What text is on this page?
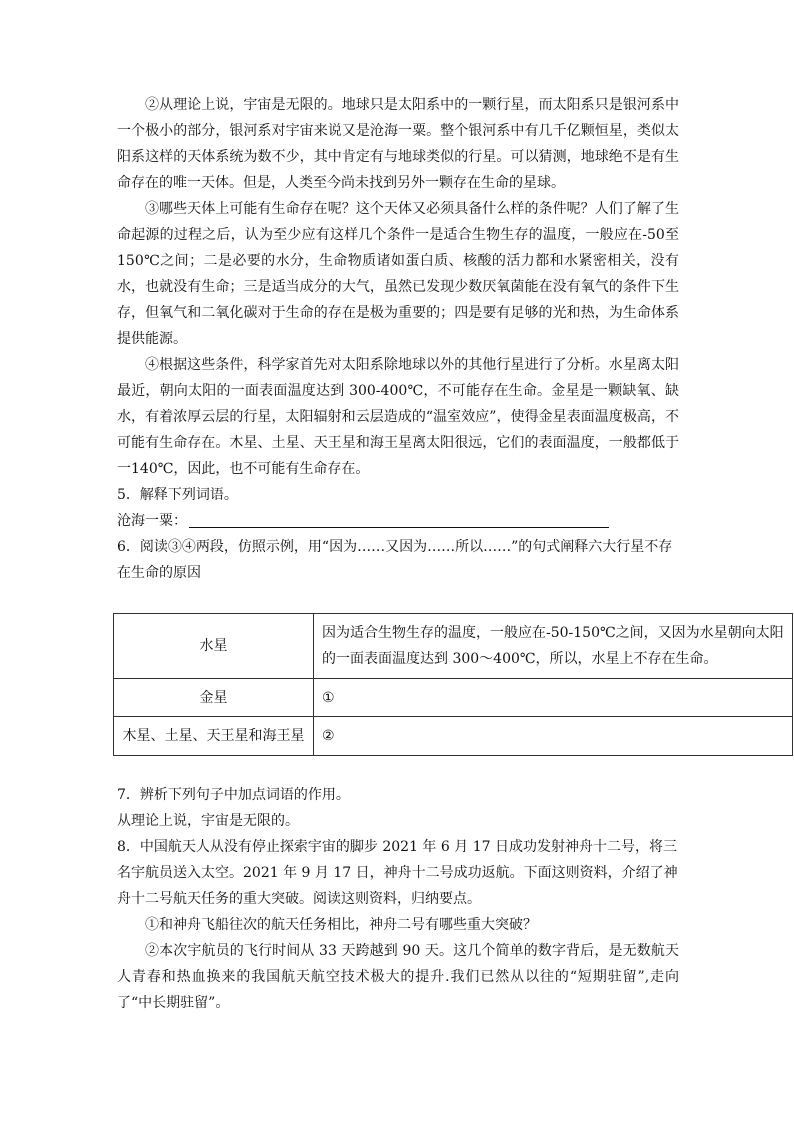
②从理论上说，宇宙是无限的。地球只是太阳系中的一颗行星，而太阳系只是银河系中一个极小的部分，银河系对宇宙来说又是沧海一粟。整个银河系中有几千亿颗恒星，类似太阳系这样的天体系统为数不少，其中肯定有与地球类似的行星。可以猜测，地球绝不是有生命存在的唯一天体。但是，人类至今尚未找到另外一颗存在生命的星球。

③哪些天体上可能有生命存在呢？这个天体又必须具备什么样的条件呢？人们了解了生命起源的过程之后，认为至少应有这样几个条件一是适合生物生存的温度，一般应在-50至 150℃之间；二是必要的水分，生命物质诸如蛋白质、核酸的活力都和水紧密相关，没有水，也就没有生命；三是适当成分的大气，虽然已发现少数厌氧菌能在没有氧气的条件下生存，但氧气和二氧化碳对于生命的存在是极为重要的；四是要有足够的光和热，为生命体系提供能源。

④根据这些条件，科学家首先对太阳系除地球以外的其他行星进行了分析。水星离太阳最近，朝向太阳的一面表面温度达到 300-400℃，不可能存在生命。金星是一颗缺氧、缺水，有着浓厚云层的行星，太阳辐射和云层造成的“温室效应”，使得金星表面温度极高，不可能有生命存在。木星、土星、天王星和海王星离太阳很远，它们的表面温度，一般都低于一140℃，因此，也不可能有生命存在。

5．解释下列词语。

沧海一粟：

6．阅读③④两段，仿照示例，用“因为……又因为……所以……”的句式阐释六大行星不存在生命的原因

水星	因为适合生物生存的温度，一般应在-50-150℃之间，又因为水星朝向太阳的一面表面温度达到 300～400℃，所以，水星上不存在生命。
金星	①
木星、土星、天王星和海王星	②

7．辨析下列句子中加点词语的作用。

从理论上说，宇宙是无限的。

8．中国航天人从没有停止探索宇宙的脚步 2021 年 6 月 17 日成功发射神舟十二号，将三名宇航员送入太空。2021 年 9 月 17 日，神舟十二号成功返航。下面这则资料，介绍了神舟十二号航天任务的重大突破。阅读这则资料，归纳要点。

①和神舟飞船往次的航天任务相比，神舟二号有哪些重大突破？

②本次宇航员的飞行时间从 33 天跨越到 90 天。这几个简单的数字背后，是无数航天人青春和热血换来的我国航天航空技术极大的提升.我们已然从以往的“短期驻留”,走向了“中长期驻留”。
